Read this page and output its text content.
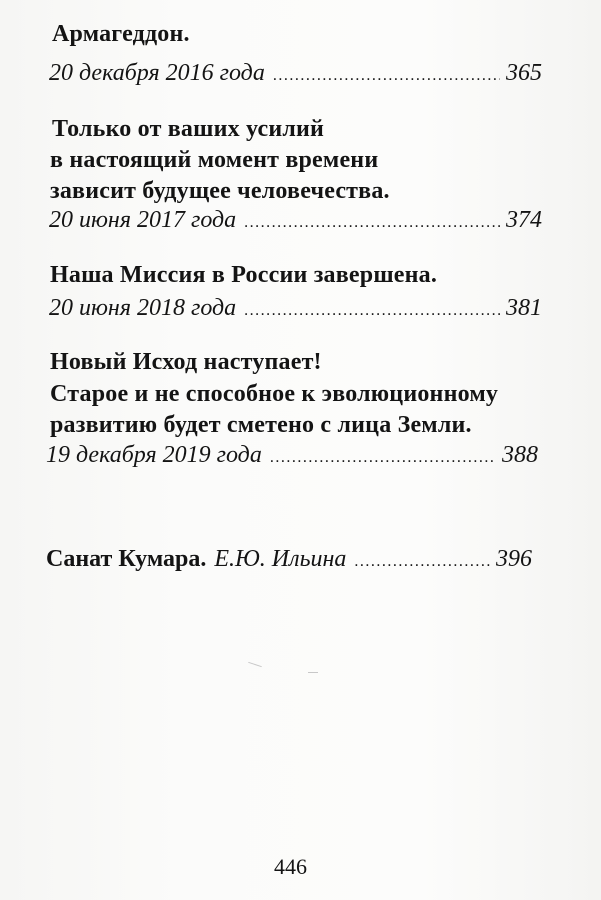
Армагеддон.
20 декабря 2016 года .....	365
Только от ваших усилий
в настоящий момент времени
зависит будущее человечества.
20 июня 2017 года .....	374
Наша Миссия в России завершена.
20 июня 2018 года .....	381
Новый Исход наступает!
Старое и не способное к эволюционному
развитию будет сметено с лица Земли.
19 декабря 2019 года .....	388
Санат Кумара. Е.Ю. Ильина .....	396
446
